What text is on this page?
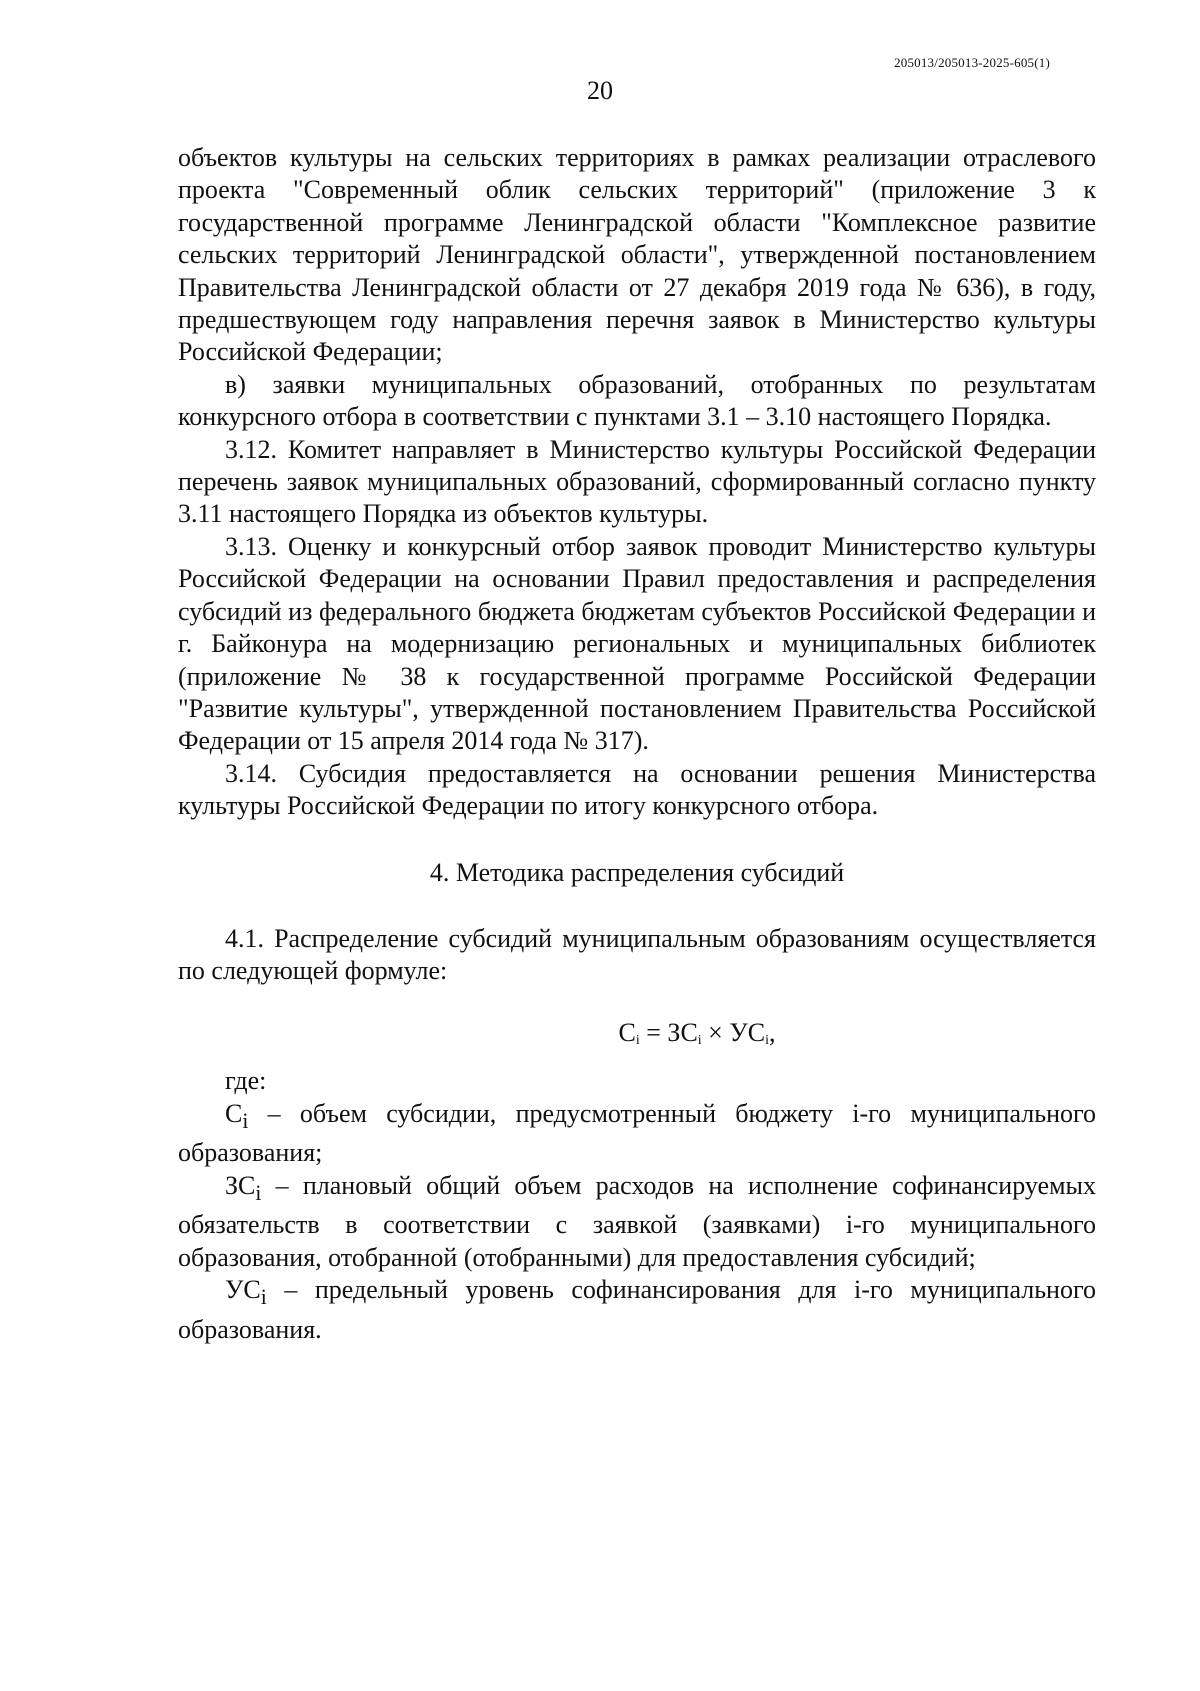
205013/205013-2025-605(1)
20

объектов культуры на сельских территориях в рамках реализации отраслевого проекта "Современный облик сельских территорий" (приложение 3 к государственной программе Ленинградской области "Комплексное развитие сельских территорий Ленинградской области", утвержденной постановлением Правительства Ленинградской области от 27 декабря 2019 года № 636), в году, предшествующем году направления перечня заявок в Министерство культуры Российской Федерации;

в) заявки муниципальных образований, отобранных по результатам конкурсного отбора в соответствии с пунктами 3.1 – 3.10 настоящего Порядка.

3.12. Комитет направляет в Министерство культуры Российской Федерации перечень заявок муниципальных образований, сформированный согласно пункту 3.11 настоящего Порядка из объектов культуры.

3.13. Оценку и конкурсный отбор заявок проводит Министерство культуры Российской Федерации на основании Правил предоставления и распределения субсидий из федерального бюджета бюджетам субъектов Российской Федерации и г. Байконура на модернизацию региональных и муниципальных библиотек (приложение № 38 к государственной программе Российской Федерации "Развитие культуры", утвержденной постановлением Правительства Российской Федерации от 15 апреля 2014 года № 317).

3.14. Субсидия предоставляется на основании решения Министерства культуры Российской Федерации по итогу конкурсного отбора.

4. Методика распределения субсидий

4.1. Распределение субсидий муниципальным образованиям осуществляется по следующей формуле:

$C_i = ЗC_i \times УC_i$,

где:

$C_i$ – объем субсидии, предусмотренный бюджету i-го муниципального образования;

$ЗC_i$ – плановый общий объем расходов на исполнение софинансируемых обязательств в соответствии с заявкой (заявками) i-го муниципального образования, отобранной (отобранными) для предоставления субсидий;

$УC_i$ – предельный уровень софинансирования для i-го муниципального образования.
